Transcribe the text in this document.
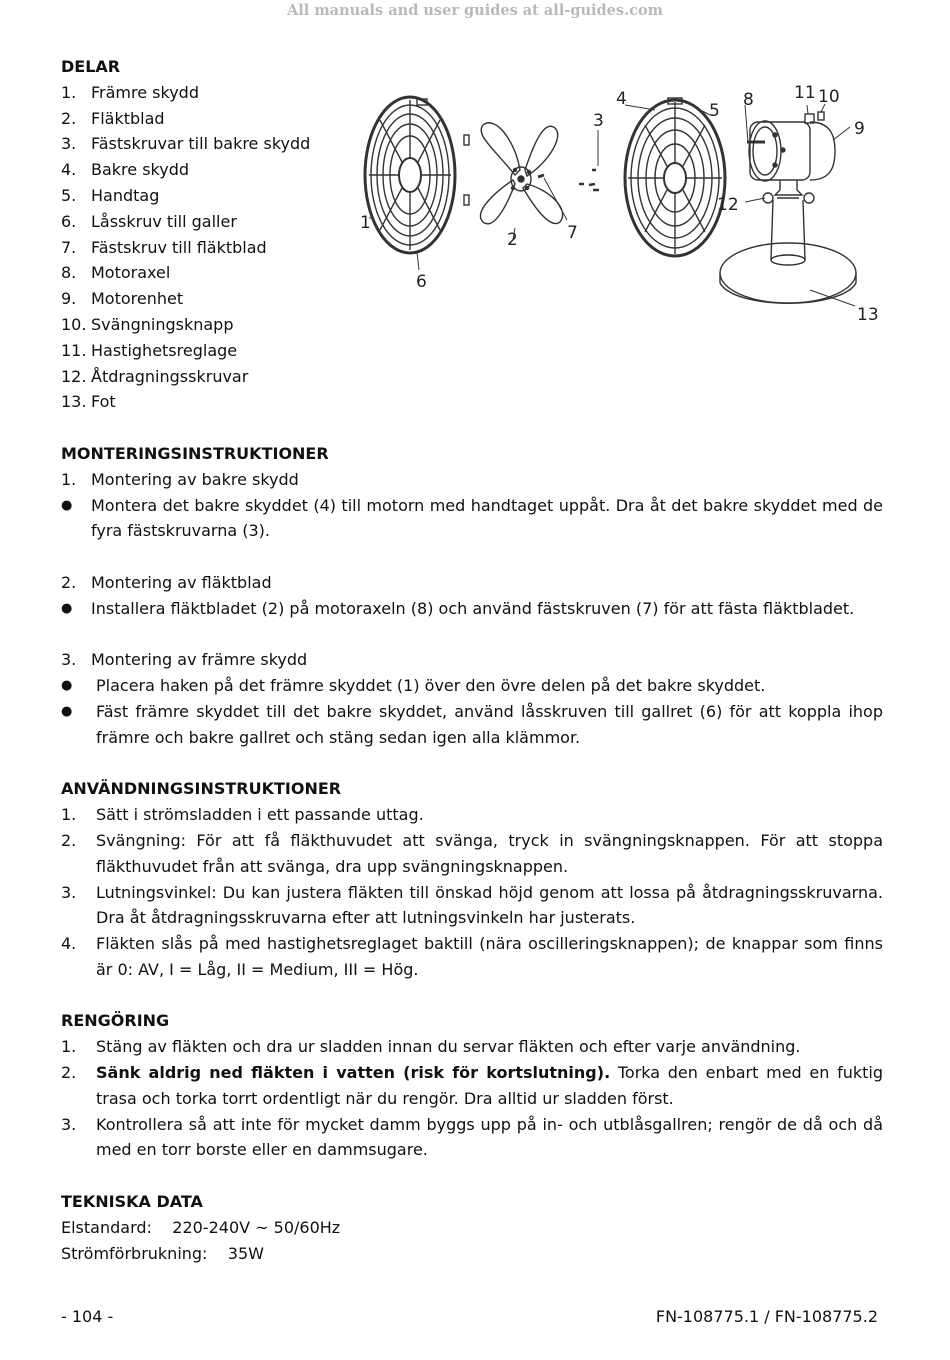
All manuals and user guides at all-guides.com
1
2
3
4
5
6
7
8
9
10
11
12
13
DELAR
1. Främre skydd
2. Fläktblad
3. Fästskruvar till bakre skydd
4. Bakre skydd
5. Handtag
6. Låsskruv till galler
7. Fästskruv till fläktblad
8. Motoraxel
9. Motorenhet
10. Svängningsknapp
11. Hastighetsreglage
12. Åtdragningsskruvar
13. Fot
MONTERINGSINSTRUKTIONER
1. Montering av bakre skydd
●	Montera det bakre skyddet (4) till motorn med handtaget uppåt. Dra åt det bakre skyddet med de fyra fästskruvarna (3).
2. Montering av fläktblad
●	Installera fläktbladet (2) på motoraxeln (8) och använd fästskruven (7) för att fästa fläktbladet.
3. Montering av främre skydd
●	Placera haken på det främre skyddet (1) över den övre delen på det bakre skyddet.
●	Fäst främre skyddet till det bakre skyddet, använd låsskruven till gallret (6) för att koppla ihop främre och bakre gallret och stäng sedan igen alla klämmor.
ANVÄNDNINGSINSTRUKTIONER
1.	Sätt i strömsladden i ett passande uttag.
2.	Svängning: För att få fläkthuvudet att svänga, tryck in svängningsknappen. För att stoppa fläkthuvudet från att svänga, dra upp svängningsknappen.
3.	Lutningsvinkel: Du kan justera fläkten till önskad höjd genom att lossa på åtdragningsskruvarna. Dra åt åtdragningsskruvarna efter att lutningsvinkeln har justerats.
4.	Fläkten slås på med hastighetsreglaget baktill (nära oscilleringsknappen); de knappar som finns är 0: AV, I = Låg, II = Medium, III = Hög.
RENGÖRING
1.	Stäng av fläkten och dra ur sladden innan du servar fläkten och efter varje användning.
2.	Sänk aldrig ned fläkten i vatten (risk för kortslutning). Torka den enbart med en fuktig trasa och torka torrt ordentligt när du rengör. Dra alltid ur sladden först.
3.	Kontrollera så att inte för mycket damm byggs upp på in- och utblåsgallren; rengör de då och då med en torr borste eller en dammsugare.
TEKNISKA DATA
Elstandard: 220-240V ~ 50/60Hz
Strömförbrukning: 35W
- 104 -	FN-108775.1 / FN-108775.2
